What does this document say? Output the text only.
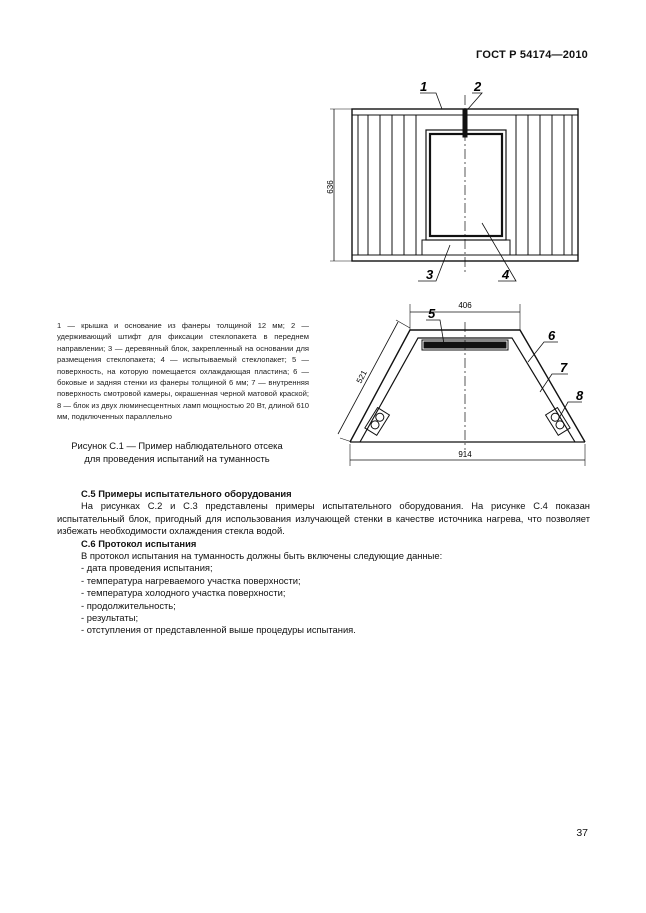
ГОСТ Р 54174—2010
636
1	2
3	4
406
521
914
5
6
7
8

1 — крышка и основание из фанеры толщиной 12 мм; 2 — удерживающий штифт для фиксации стеклопакета в переднем направлении; 3 — деревянный блок, закрепленный на основании для размещения стеклопакета; 4 — испытываемый стеклопакет; 5 — поверхность, на которую помещается охлаждающая пластина; 6 — боковые и задняя стенки из фанеры толщиной 6 мм; 7 — внутренняя поверхность смотровой камеры, окрашенная черной матовой краской; 8 — блок из двух люминесцентных ламп мощностью 20 Вт, длиной 610 мм, подключенных параллельно

Рисунок С.1 — Пример наблюдательного отсека
для проведения испытаний на туманность
С.5 Примеры испытательного оборудования

На рисунках С.2 и С.3 представлены примеры испытательного оборудования. На рисунке С.4 показан испытательный блок, пригодный для использования излучающей стенки в качестве источника нагрева, что позволяет избежать необходимости охлаждения стекла водой.

С.6 Протокол испытания

В протокол испытания на туманность должны быть включены следующие данные:

- дата проведения испытания;
- температура нагреваемого участка поверхности;
- температура холодного участка поверхности;
- продолжительность;
- результаты;
- отступления от представленной выше процедуры испытания.
37
